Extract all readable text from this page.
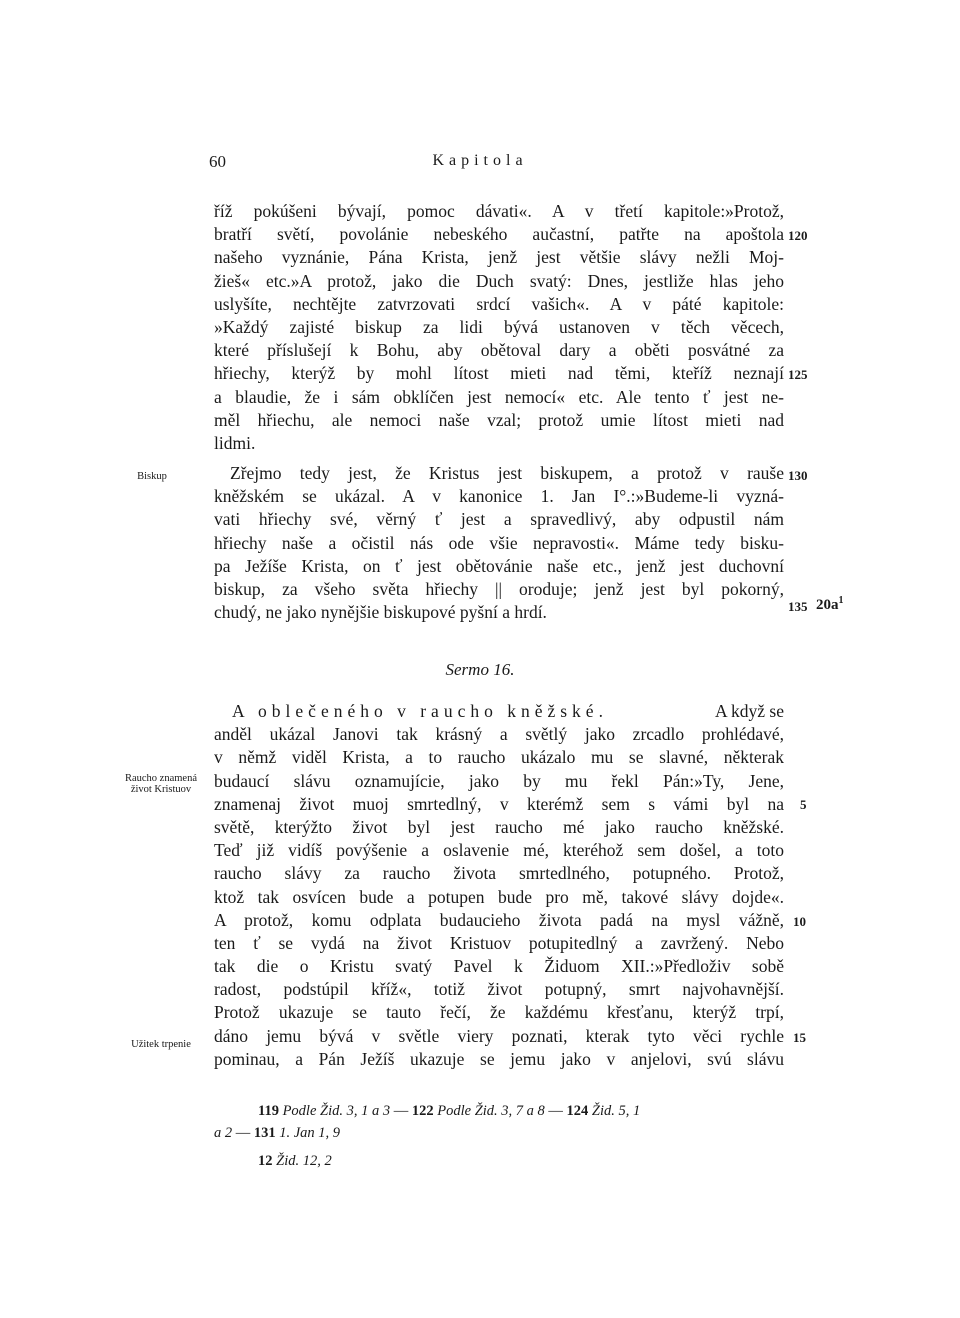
60	Kapitola
říž pokúšeni bývají, pomoc dávati«. A v třetí kapitole:»Protož,
bratří světí, povolánie nebeského aučastní, patřte na apoštola
našeho vyznánie, Pána Krista, jenž jest většie slávy nežli Moj-
žieš« etc.»A protož, jako die Duch svatý: Dnes, jestliže hlas jeho
uslyšíte, nechtějte zatvrzovati srdcí vašich«. A v páté kapitole:
»Každý zajisté biskup za lidi bývá ustanoven v těch věcech,
které příslušejí k Bohu, aby obětoval dary a oběti posvátné za
hřiechy, kterýž by mohl lítost mieti nad těmi, kteříž neznají
a blaudie, že i sám obklíčen jest nemocí« etc. Ale tento ť jest ne-
měl hřiechu, ale nemoci naše vzal; protož umie lítost mieti nad
lidmi.
Zřejmo tedy jest, že Kristus jest biskupem, a protož v rauše
kněžském se ukázal. A v kanonice 1. Jan I°.:»Budeme-li vyzná-
vati hřiechy své, věrný ť jest a spravedlivý, aby odpustil nám
hřiechy naše a očistil nás ode všie nepravosti«. Máme tedy bisku-
pa Ježíše Krista, on ť jest obětovánie naše etc., jenž jest duchovní
biskup, za všeho světa hřiechy || oroduje; jenž jest byl pokorný,
chudý, ne jako nynějšie biskupové pyšní a hrdí.
120
125
130
135 $20a^1$
Biskup
Raucho znamená život Kristuov
Užitek trpenie
Sermo 16.
A oblečeného v raucho kněžské.	A když se
anděl ukázal Janovi tak krásný a světlý jako zrcadlo prohlédavé,
v němž viděl Krista, a to raucho ukázalo mu se slavné, některak
budaucí slávu oznamujície, jako by mu řekl Pán:»Ty, Jene,
znamenaj život muoj smrtedlný, v kterémž sem s vámi byl na
světě, kterýžto život byl jest raucho mé jako raucho kněžské.
Teď již vidíš povýšenie a oslavenie mé, kteréhož sem došel, a toto
raucho slávy za raucho života smrtedlného, potupného. Protož,
ktož tak osvícen bude a potupen bude pro mě, takové slávy dojde«.
A protož, komu odplata budaucieho života padá na mysl vážně,
ten ť se vydá na život Kristuov potupitedlný a zavržený. Nebo
tak die o Kristu svatý Pavel k Židuom XII.:»Předloživ sobě
radost, podstúpil kříž«, totiž život potupný, smrt najvohavnější.
Protož ukazuje se tauto řečí, že každému křesťanu, kterýž trpí,
dáno jemu bývá v světle viery poznati, kterak tyto věci rychle
pominau, a Pán Ježíš ukazuje se jemu jako v anjelovi, svú slávu
5
10
15
119 Podle Žid. 3, 1 a 3 — 122 Podle Žid. 3, 7 a 8 — 124 Žid. 5, 1
a 2 — 131 1. Jan 1, 9
12 Žid. 12, 2
